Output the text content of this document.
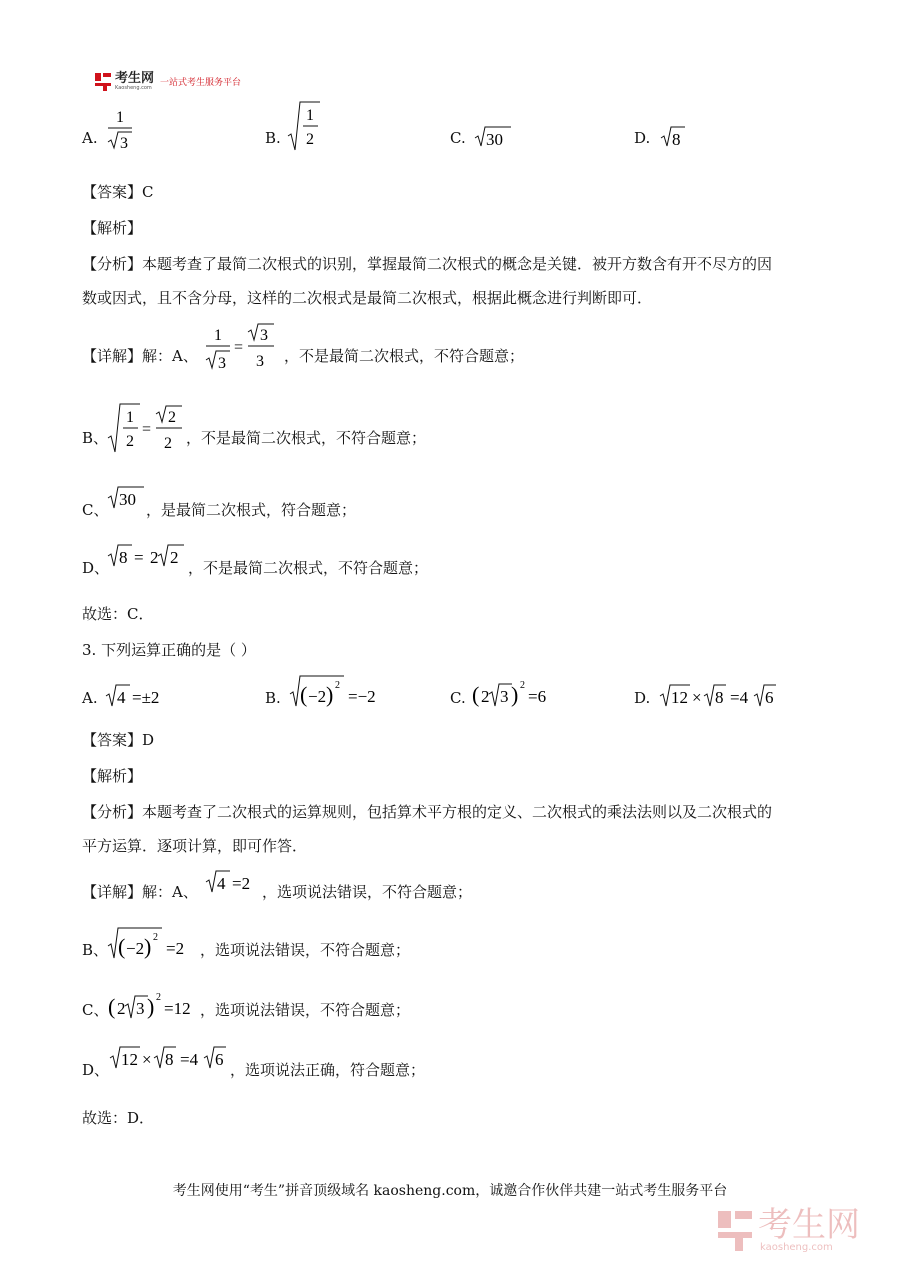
考生网
Kaosheng.com 一站式考生服务平台
A.
1
3	B.
1
2	C. 30	D. 8
【答案】C
【解析】
【分析】本题考查了最简二次根式的识别，掌握最简二次根式的概念是关键．被开方数含有开不尽方的因
数或因式，且不含分母，这样的二次根式是最简二次根式，根据此概念进行判断即可．
【详解】解：A、
1
3
=
3
3 ，不是最简二次根式，不符合题意；
B、
1
2
=
2
2 ，不是最简二次根式，不符合题意；
C、
30
，是最简二次根式，符合题意；
D、
8 = 2 2
，不是最简二次根式，不符合题意；
故选：C．
3. 下列运算正确的是（ ）
A. 4 =±2	B. ( −2 ) 2
=−2	C. ( 2 3 ) 2
=6	D. 12 × 8 =4 6
【答案】D
【解析】
【分析】本题考查了二次根式的运算规则，包括算术平方根的定义、二次根式的乘法法则以及二次根式的
平方运算．逐项计算，即可作答．
【详解】解：A、 4 =2 ，选项说法错误，不符合题意；
B、 ( −2 ) 2
=2 ，选项说法错误，不符合题意；
C、 ( 2 3 ) 2
=12 ，选项说法错误，不符合题意；
D、
12 × 8 =4 6
，选项说法正确，符合题意；
故选：D．
考生网使用“考生”拼音顶级域名 kaosheng.com，诚邀合作伙伴共建一站式考生服务平台
考生网
kaosheng.com
